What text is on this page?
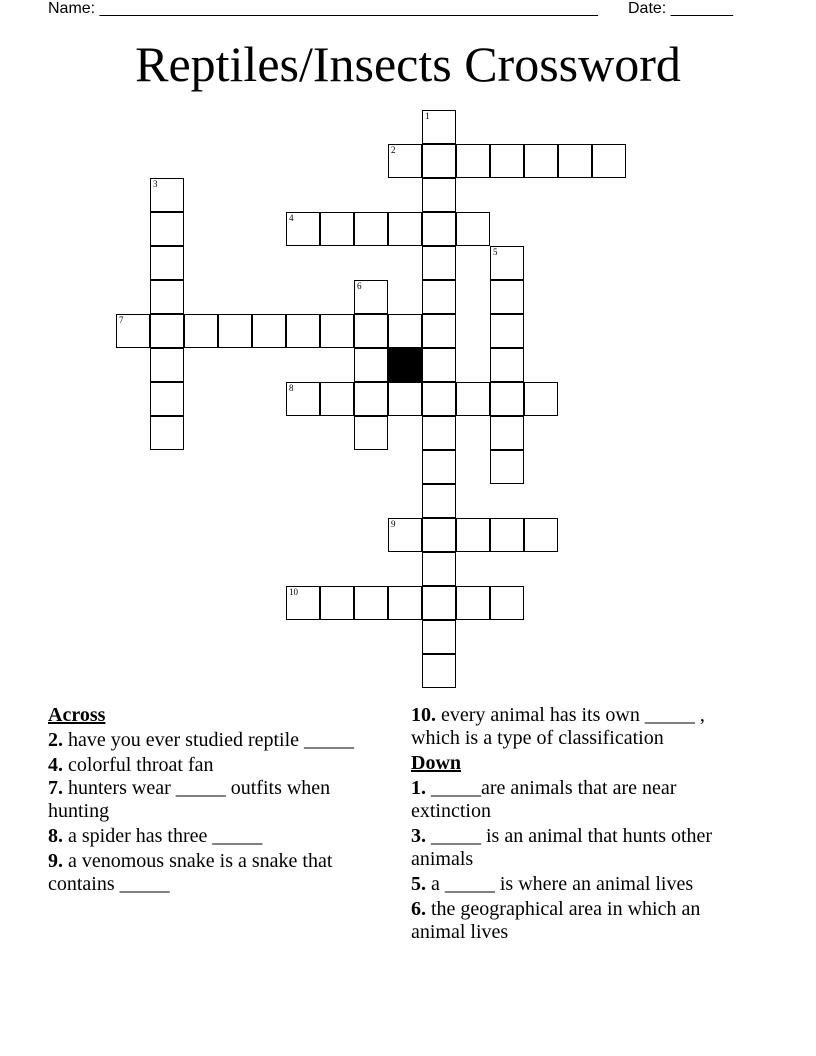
Name: ________________________________________________________ Date: _______
Reptiles/Insects Crossword
1
2
3
4
5
6
7
8
9
10
Across
2. have you ever studied reptile _____
4. colorful throat fan
7. hunters wear _____ outfits when hunting
8. a spider has three _____
9. a venomous snake is a snake that contains _____
10. every animal has its own _____ , which is a type of classification
Down
1. _____are animals that are near extinction
3. _____ is an animal that hunts other animals
5. a _____ is where an animal lives
6. the geographical area in which an animal lives
